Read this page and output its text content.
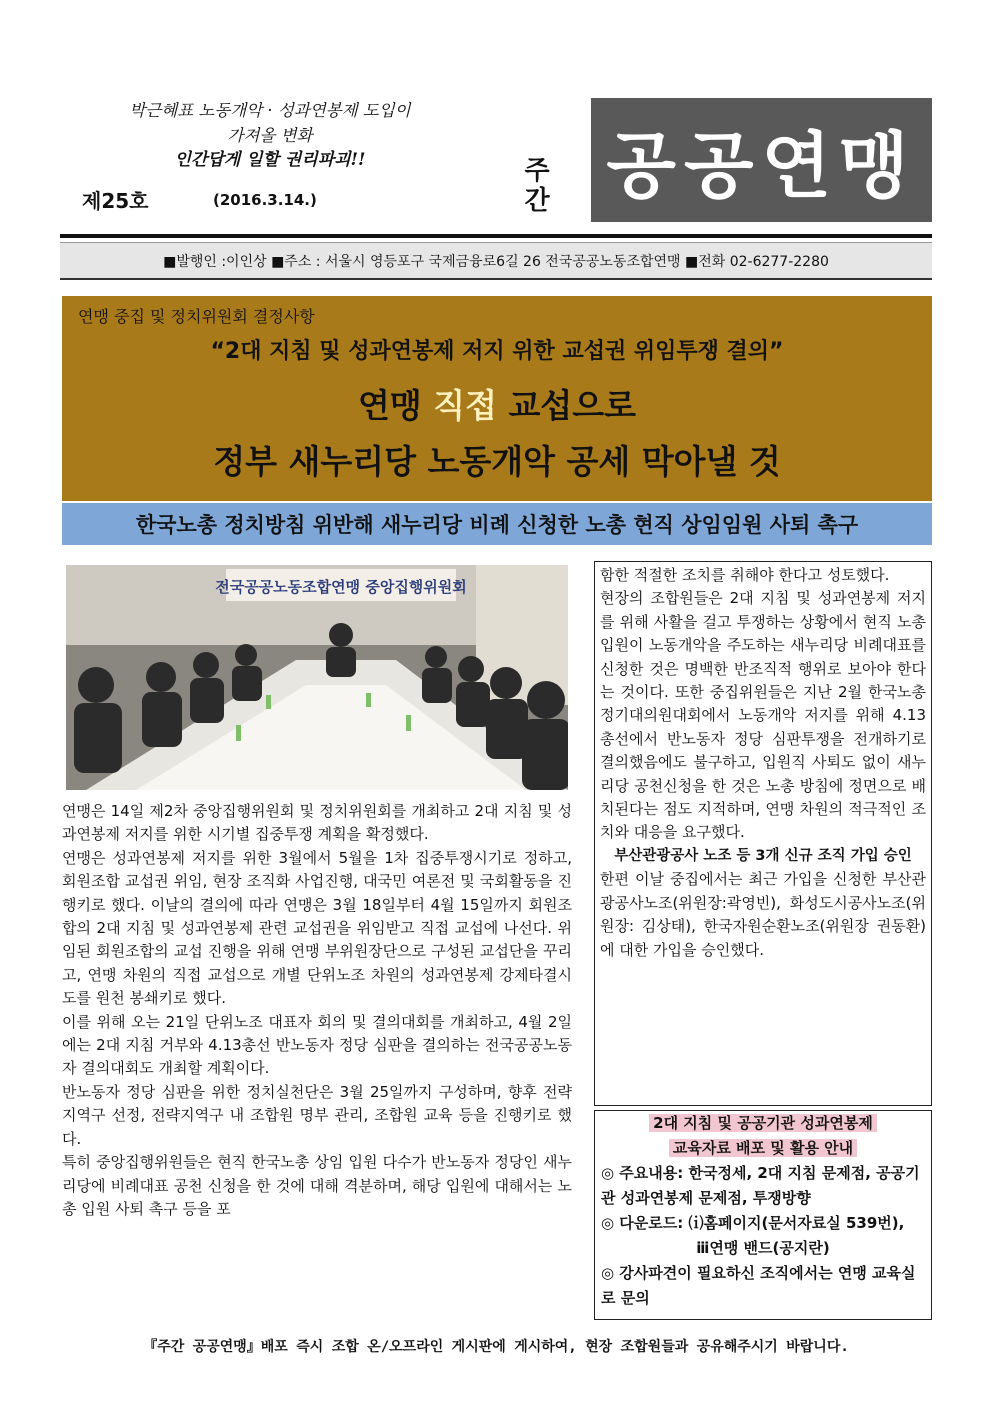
박근혜표 노동개악 · 성과연봉제 도입이
가져올 변화
인간답게 일할 권리파괴!!
제25호	(2016.3.14.)
주간 공공연맹
■발행인 :이인상 ■주소 : 서울시 영등포구 국제금융로6길 26 전국공공노동조합연맹 ■전화 02-6277-2280
연맹 중집 및 정치위원회 결정사항
“2대 지침 및 성과연봉제 저지 위한 교섭권 위임투쟁 결의”
연맹 직접 교섭으로
정부 새누리당 노동개악 공세 막아낼 것
한국노총 정치방침 위반해 새누리당 비례 신청한 노총 현직 상임임원 사퇴 촉구
전국공공노동조합연맹 중앙집행위원회

연맹은 14일 제2차 중앙집행위원회 및 정치위원회를 개최하고 2대 지침 및 성과연봉제 저지를 위한 시기별 집중투쟁 계획을 확정했다.

연맹은 성과연봉제 저지를 위한 3월에서 5월을 1차 집중투쟁시기로 정하고, 회원조합 교섭권 위임, 현장 조직화 사업진행, 대국민 여론전 및 국회활동을 진행키로 했다. 이날의 결의에 따라 연맹은 3월 18일부터 4월 15일까지 회원조합의 2대 지침 및 성과연봉제 관련 교섭권을 위임받고 직접 교섭에 나선다. 위임된 회원조합의 교섭 진행을 위해 연맹 부위원장단으로 구성된 교섭단을 꾸리고, 연맹 차원의 직접 교섭으로 개별 단위노조 차원의 성과연봉제 강제타결시도를 원천 봉쇄키로 했다.

이를 위해 오는 21일 단위노조 대표자 회의 및 결의대회를 개최하고, 4월 2일에는 2대 지침 거부와 4.13총선 반노동자 정당 심판을 결의하는 전국공공노동자 결의대회도 개최할 계획이다.

반노동자 정당 심판을 위한 정치실천단은 3월 25일까지 구성하며, 향후 전략지역구 선정, 전략지역구 내 조합원 명부 관리, 조합원 교육 등을 진행키로 했다.

특히 중앙집행위원들은 현직 한국노총 상임 입원 다수가 반노동자 정당인 새누리당에 비례대표 공천 신청을 한 것에 대해 격분하며, 해당 입원에 대해서는 노총 입원 사퇴 촉구 등을 포

함한 적절한 조치를 취해야 한다고 성토했다.

현장의 조합원들은 2대 지침 및 성과연봉제 저지를 위해 사활을 걸고 투쟁하는 상황에서 현직 노총 입원이 노동개악을 주도하는 새누리당 비례대표를 신청한 것은 명백한 반조직적 행위로 보아야 한다는 것이다. 또한 중집위원들은 지난 2월 한국노총 정기대의원대회에서 노동개악 저지를 위해 4.13총선에서 반노동자 정당 심판투쟁을 전개하기로 결의했음에도 불구하고, 입원직 사퇴도 없이 새누리당 공천신청을 한 것은 노총 방침에 정면으로 배치된다는 점도 지적하며, 연맹 차원의 적극적인 조치와 대응을 요구했다.

부산관광공사 노조 등 3개 신규 조직 가입 승인

한편 이날 중집에서는 최근 가입을 신청한 부산관광공사노조(위원장:곽영빈), 화성도시공사노조(위원장: 김상태), 한국자원순환노조(위원장 권동환)에 대한 가입을 승인했다.

2대 지침 및 공공기관 성과연봉제
교육자료 배포 및 활용 안내
◎ 주요내용: 한국정세, 2대 지침 문제점, 공공기관 성과연봉제 문제점, 투쟁방향
◎ 다운로드: ⒤홈페이지(문서자료실 539번),
ⅲ연맹 밴드(공지란)
◎ 강사파견이 필요하신 조직에서는 연맹 교육실로 문의
『주간 공공연맹』배포 즉시 조합 온/오프라인 게시판에 게시하여, 현장 조합원들과 공유해주시기 바랍니다.
